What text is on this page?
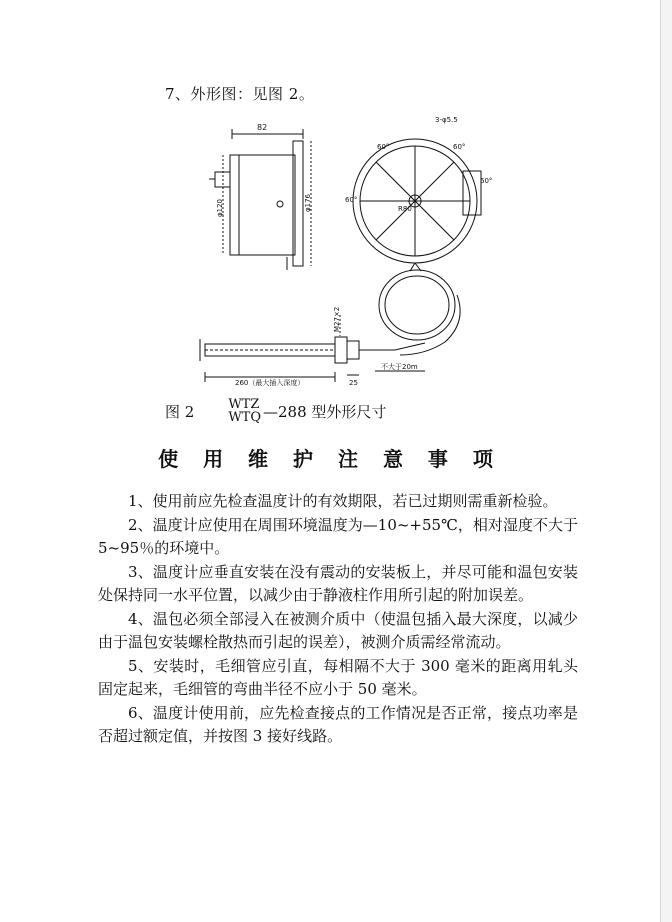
7、外形图：见图 2。
82
φ120	φ176
3-φ5.5
60°	60°
60°
60°
R80
M27×2
260（最大插入深度）	25
不大于20m
图 2	WTZ
WTQ —288 型外形尺寸
使 用 维 护 注 意 事 项

1、使用前应先检查温度计的有效期限，若已过期则需重新检验。

2、温度计应使用在周围环境温度为—10~+55℃，相对湿度不大于 5~95％的环境中。

3、温度计应垂直安装在没有震动的安装板上，并尽可能和温包安装处保持同一水平位置，以减少由于静液柱作用所引起的附加误差。

4、温包必须全部浸入在被测介质中（使温包插入最大深度，以减少由于温包安装螺栓散热而引起的误差），被测介质需经常流动。

5、安装时，毛细管应引直，每相隔不大于 300 毫米的距离用轧头固定起来，毛细管的弯曲半径不应小于 50 毫米。

6、温度计使用前，应先检查接点的工作情况是否正常，接点功率是否超过额定值，并按图 3 接好线路。
